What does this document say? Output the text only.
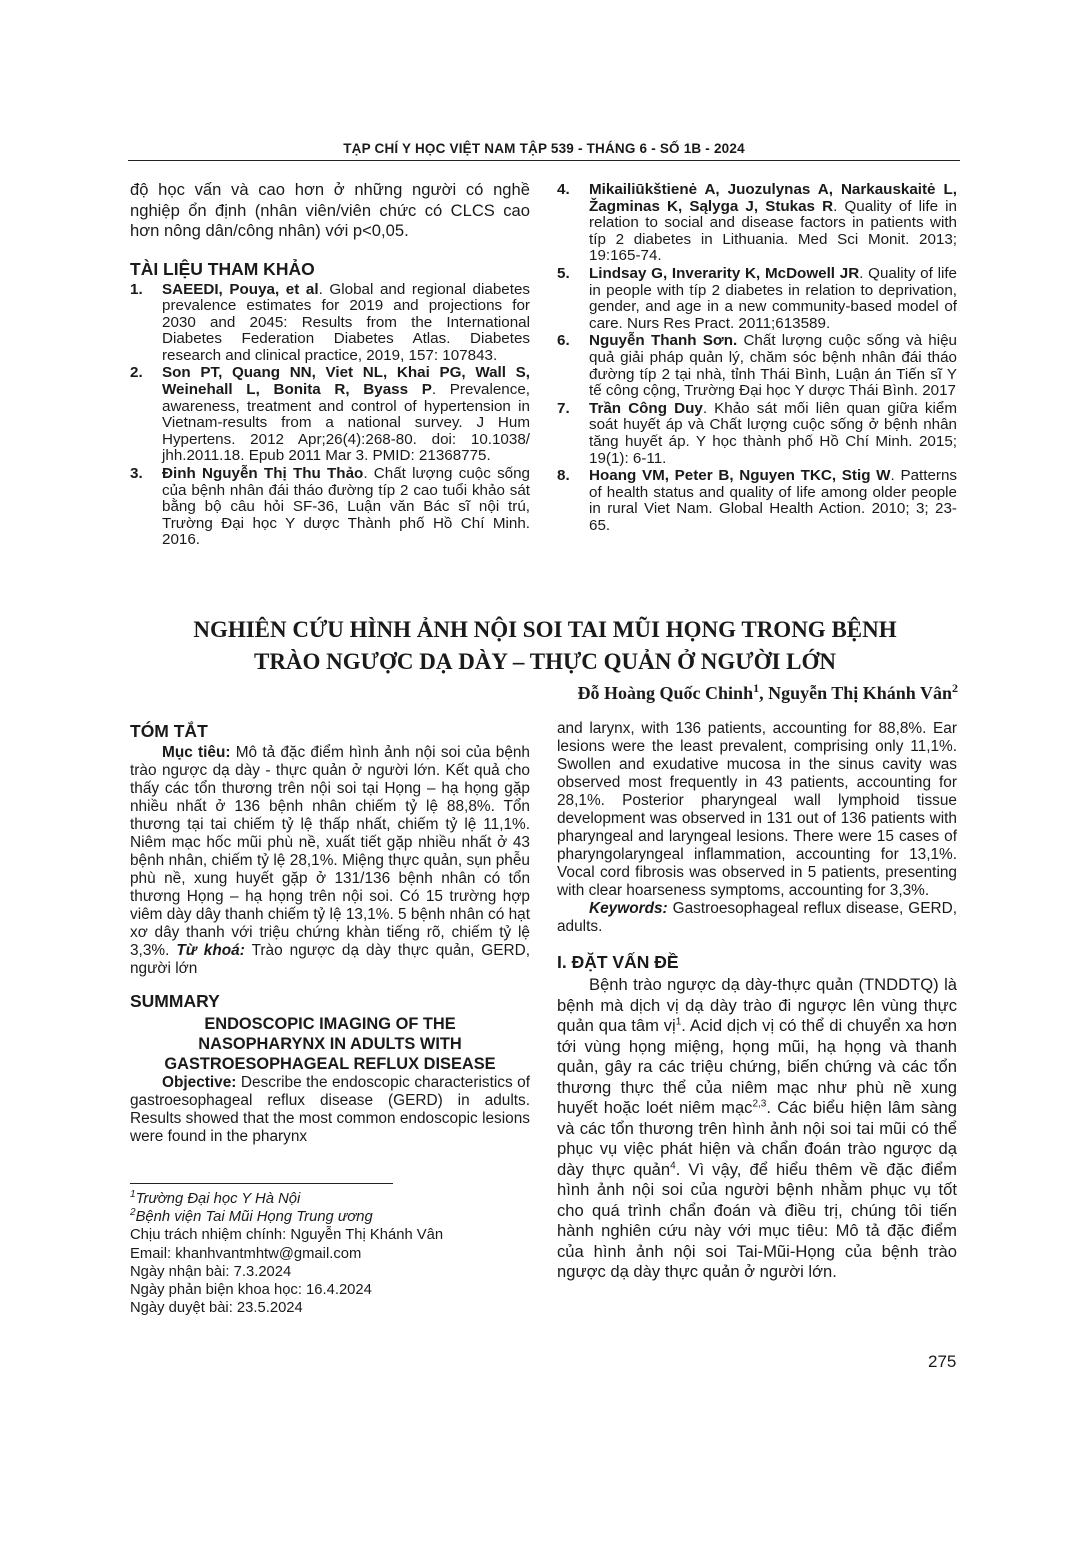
TẠP CHÍ Y HỌC VIỆT NAM TẬP 539 - THÁNG 6 - SỐ 1B - 2024

độ học vấn và cao hơn ở những người có nghề nghiệp ổn định (nhân viên/viên chức có CLCS cao hơn nông dân/công nhân) với p<0,05.

TÀI LIỆU THAM KHẢO
1. SAEEDI, Pouya, et al. Global and regional diabetes prevalence estimates for 2019 and projections for 2030 and 2045: Results from the International Diabetes Federation Diabetes Atlas. Diabetes research and clinical practice, 2019, 157: 107843.
2. Son PT, Quang NN, Viet NL, Khai PG, Wall S, Weinehall L, Bonita R, Byass P. Prevalence, awareness, treatment and control of hypertension in Vietnam-results from a national survey. J Hum Hypertens. 2012 Apr;26(4):268-80. doi: 10.1038/ jhh.2011.18. Epub 2011 Mar 3. PMID: 21368775.
3. Đinh Nguyễn Thị Thu Thảo. Chất lượng cuộc sống của bệnh nhân đái tháo đường típ 2 cao tuổi khảo sát bằng bộ câu hỏi SF-36, Luận văn Bác sĩ nội trú, Trường Đại học Y dược Thành phố Hồ Chí Minh. 2016.
4. Mikailiūkštienė A, Juozulynas A, Narkauskaitė L, Žagminas K, Sąlyga J, Stukas R. Quality of life in relation to social and disease factors in patients with típ 2 diabetes in Lithuania. Med Sci Monit. 2013; 19:165-74.
5. Lindsay G, Inverarity K, McDowell JR. Quality of life in people with típ 2 diabetes in relation to deprivation, gender, and age in a new community-based model of care. Nurs Res Pract. 2011;613589.
6. Nguyễn Thanh Sơn. Chất lượng cuộc sống và hiệu quả giải pháp quản lý, chăm sóc bệnh nhân đái tháo đường típ 2 tại nhà, tỉnh Thái Bình, Luận án Tiến sĩ Y tế công cộng, Trường Đại học Y dược Thái Bình. 2017
7. Trần Công Duy. Khảo sát mối liên quan giữa kiểm soát huyết áp và Chất lượng cuộc sống ở bệnh nhân tăng huyết áp. Y học thành phố Hồ Chí Minh. 2015; 19(1): 6-11.
8. Hoang VM, Peter B, Nguyen TKC, Stig W. Patterns of health status and quality of life among older people in rural Viet Nam. Global Health Action. 2010; 3; 23-65.
NGHIÊN CỨU HÌNH ẢNH NỘI SOI TAI MŨI HỌNG TRONG BỆNH
TRÀO NGƯỢC DẠ DÀY – THỰC QUẢN Ở NGƯỜI LỚN
Đỗ Hoàng Quốc Chinh$^1$, Nguyễn Thị Khánh Vân$^2$
TÓM TẮT

Mục tiêu: Mô tả đặc điểm hình ảnh nội soi của bệnh trào ngược dạ dày - thực quản ở người lớn. Kết quả cho thấy các tổn thương trên nội soi tại Họng – hạ họng gặp nhiều nhất ở 136 bệnh nhân chiếm tỷ lệ 88,8%. Tổn thương tại tai chiếm tỷ lệ thấp nhất, chiếm tỷ lệ 11,1%. Niêm mạc hốc mũi phù nề, xuất tiết gặp nhiều nhất ở 43 bệnh nhân, chiếm tỷ lệ 28,1%. Miệng thực quản, sụn phễu phù nề, xung huyết gặp ở 131/136 bệnh nhân có tổn thương Họng – hạ họng trên nội soi. Có 15 trường hợp viêm dày dây thanh chiếm tỷ lệ 13,1%. 5 bệnh nhân có hạt xơ dây thanh với triệu chứng khàn tiếng rõ, chiếm tỷ lệ 3,3%. Từ khoá: Trào ngược dạ dày thực quản, GERD, người lớn

SUMMARY
ENDOSCOPIC IMAGING OF THE
NASOPHARYNX IN ADULTS WITH
GASTROESOPHAGEAL REFLUX DISEASE

Objective: Describe the endoscopic characteristics of gastroesophageal reflux disease (GERD) in adults. Results showed that the most common endoscopic lesions were found in the pharynx

$^1$Trường Đại học Y Hà Nội
$^2$Bệnh viện Tai Mũi Họng Trung ương
Chịu trách nhiệm chính: Nguyễn Thị Khánh Vân
Email: khanhvantmhtw@gmail.com
Ngày nhận bài: 7.3.2024
Ngày phản biện khoa học: 16.4.2024
Ngày duyệt bài: 23.5.2024

and larynx, with 136 patients, accounting for 88,8%. Ear lesions were the least prevalent, comprising only 11,1%. Swollen and exudative mucosa in the sinus cavity was observed most frequently in 43 patients, accounting for 28,1%. Posterior pharyngeal wall lymphoid tissue development was observed in 131 out of 136 patients with pharyngeal and laryngeal lesions. There were 15 cases of pharyngolaryngeal inflammation, accounting for 13,1%. Vocal cord fibrosis was observed in 5 patients, presenting with clear hoarseness symptoms, accounting for 3,3%.

Keywords: Gastroesophageal reflux disease, GERD, adults.

I. ĐẶT VẤN ĐỀ

Bệnh trào ngược dạ dày-thực quản (TNDDTQ) là bệnh mà dịch vị dạ dày trào đi ngược lên vùng thực quản qua tâm vị$^1$. Acid dịch vị có thể di chuyển xa hơn tới vùng họng miệng, họng mũi, hạ họng và thanh quản, gây ra các triệu chứng, biến chứng và các tổn thương thực thể của niêm mạc như phù nề xung huyết hoặc loét niêm mạc$^{2,3}$. Các biểu hiện lâm sàng và các tổn thương trên hình ảnh nội soi tai mũi có thể phục vụ việc phát hiện và chẩn đoán trào ngược dạ dày thực quản$^4$. Vì vậy, để hiểu thêm về đặc điểm hình ảnh nội soi của người bệnh nhằm phục vụ tốt cho quá trình chẩn đoán và điều trị, chúng tôi tiến hành nghiên cứu này với mục tiêu: Mô tả đặc điểm của hình ảnh nội soi Tai-Mũi-Họng của bệnh trào ngược dạ dày thực quản ở người lớn.

275
